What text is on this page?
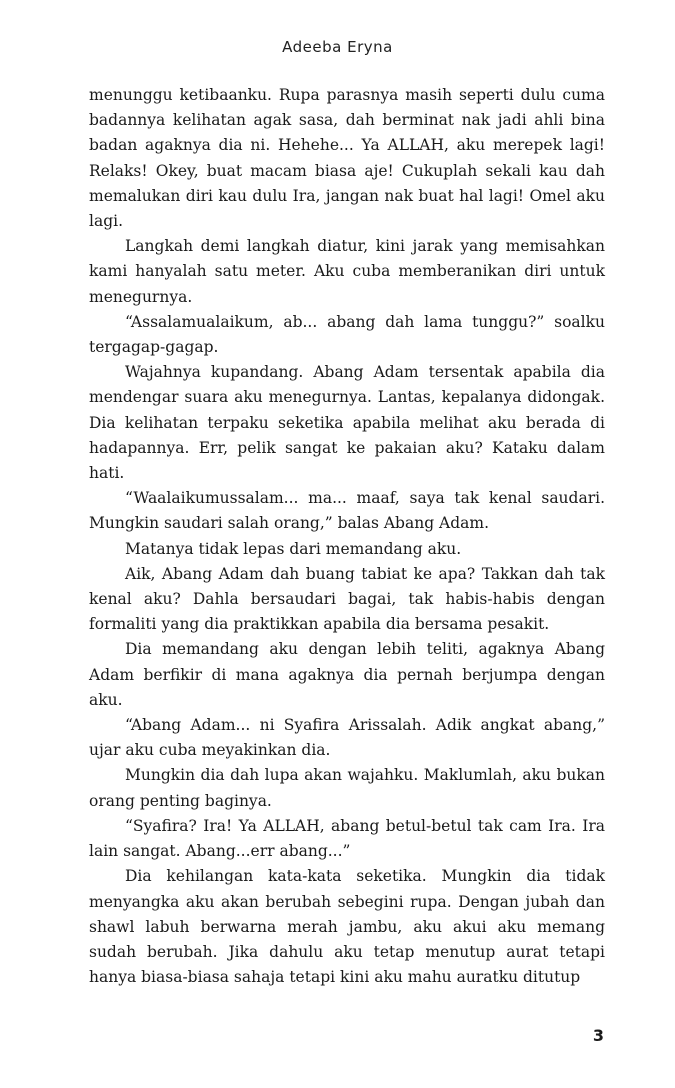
Adeeba Eryna

menunggu ketibaanku. Rupa parasnya masih seperti dulu cuma badannya kelihatan agak sasa, dah berminat nak jadi ahli bina badan agaknya dia ni. Hehehe... Ya ALLAH, aku merepek lagi! Relaks! Okey, buat macam biasa aje! Cukuplah sekali kau dah memalukan diri kau dulu Ira, jangan nak buat hal lagi! Omel aku lagi.

Langkah demi langkah diatur, kini jarak yang memisahkan kami hanyalah satu meter. Aku cuba memberanikan diri untuk menegurnya.

“Assalamualaikum, ab... abang dah lama tunggu?” soalku tergagap-gagap.

Wajahnya kupandang. Abang Adam tersentak apabila dia mendengar suara aku menegurnya. Lantas, kepalanya didongak. Dia kelihatan terpaku seketika apabila melihat aku berada di hadapannya. Err, pelik sangat ke pakaian aku? Kataku dalam hati.

“Waalaikumussalam... ma... maaf, saya tak kenal saudari. Mungkin saudari salah orang,” balas Abang Adam.

Matanya tidak lepas dari memandang aku.

Aik, Abang Adam dah buang tabiat ke apa? Takkan dah tak kenal aku? Dahla bersaudari bagai, tak habis-habis dengan formaliti yang dia praktikkan apabila dia bersama pesakit.

Dia memandang aku dengan lebih teliti, agaknya Abang Adam berfikir di mana agaknya dia pernah berjumpa dengan aku.

“Abang Adam... ni Syafira Arissalah. Adik angkat abang,” ujar aku cuba meyakinkan dia.

Mungkin dia dah lupa akan wajahku. Maklumlah, aku bukan orang penting baginya.

“Syafira? Ira! Ya ALLAH, abang betul-betul tak cam Ira. Ira lain sangat. Abang...err abang...”

Dia kehilangan kata-kata seketika. Mungkin dia tidak menyangka aku akan berubah sebegini rupa. Dengan jubah dan shawl labuh berwarna merah jambu, aku akui aku memang sudah berubah. Jika dahulu aku tetap menutup aurat tetapi hanya biasa-biasa sahaja tetapi kini aku mahu auratku ditutup

3
